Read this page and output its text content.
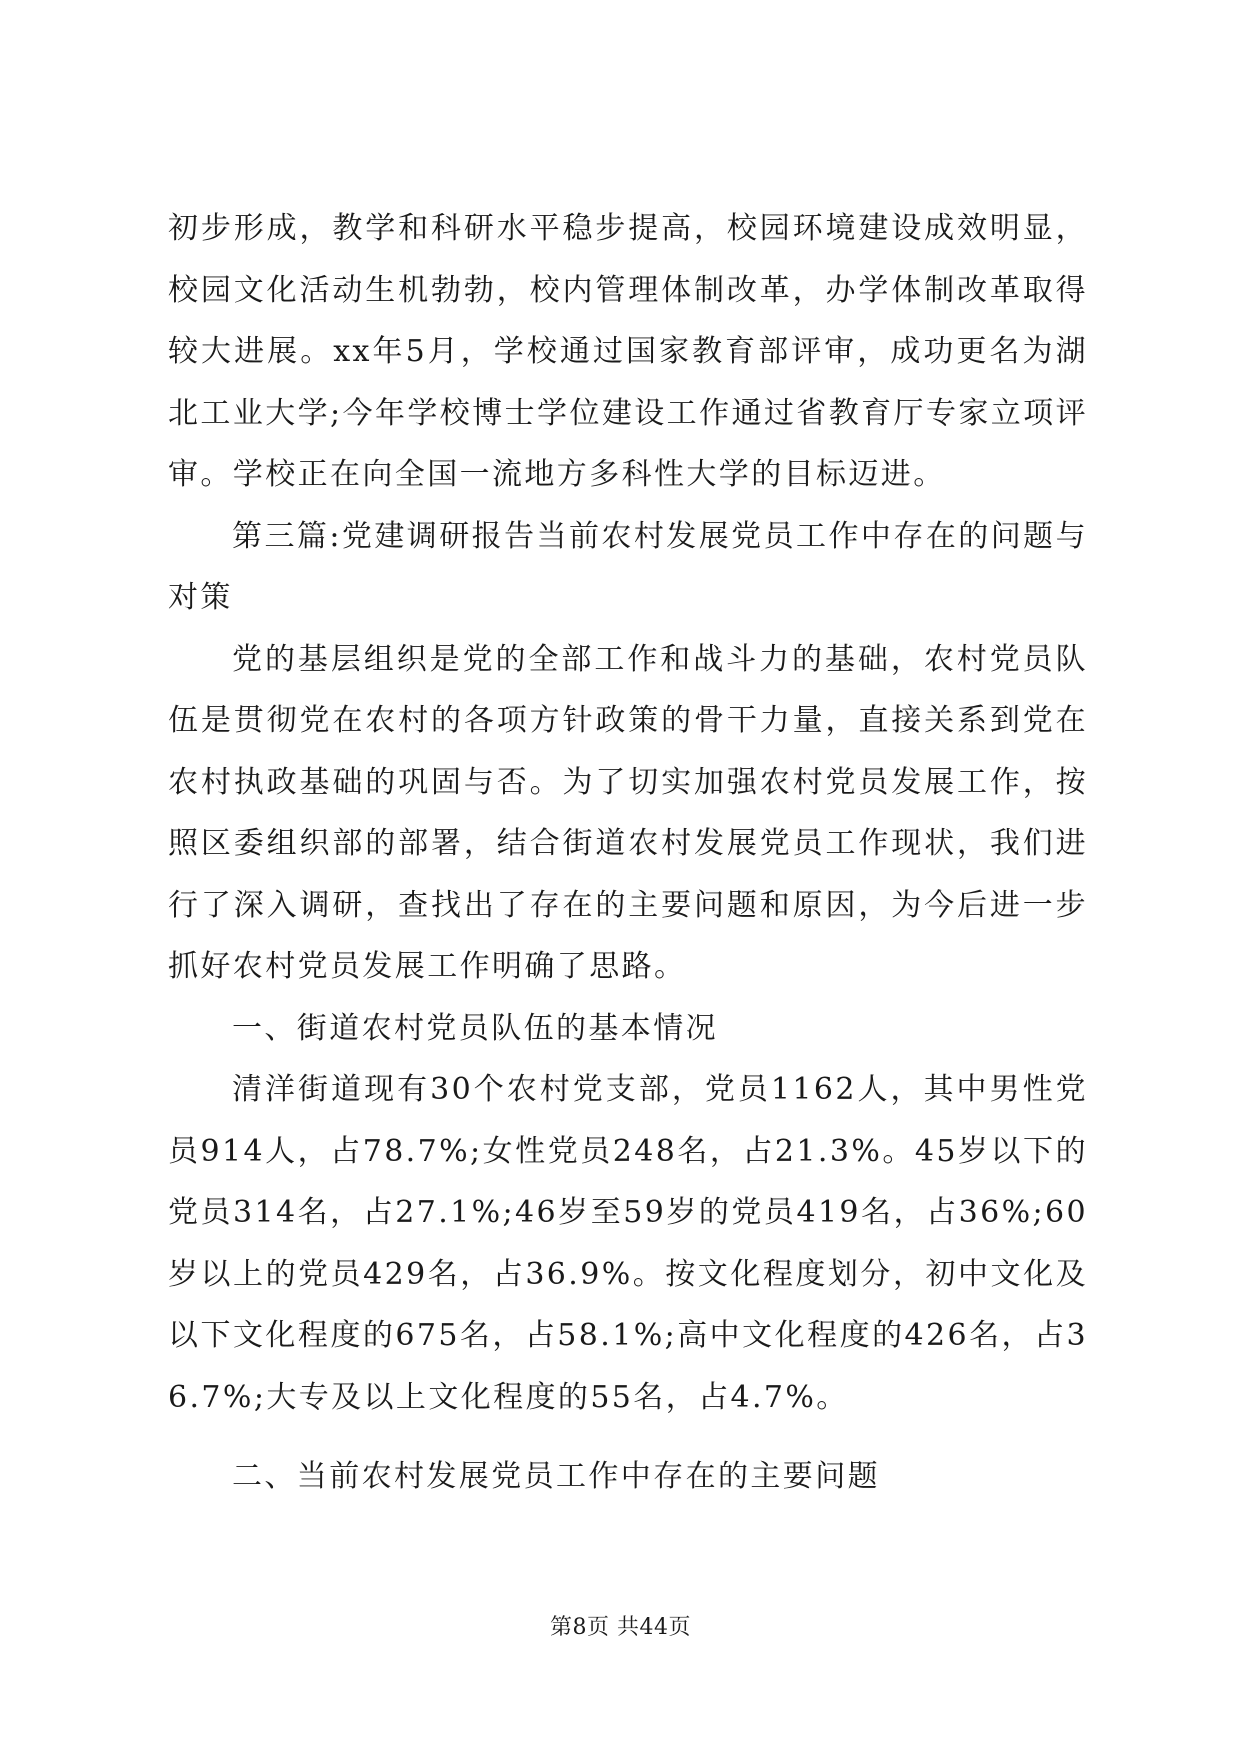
初步形成，教学和科研水平稳步提高，校园环境建设成效明显，校园文化活动生机勃勃，校内管理体制改革，办学体制改革取得较大进展。xx年5月，学校通过国家教育部评审，成功更名为湖北工业大学;今年学校博士学位建设工作通过省教育厅专家立项评审。学校正在向全国一流地方多科性大学的目标迈进。

第三篇:党建调研报告当前农村发展党员工作中存在的问题与对策

党的基层组织是党的全部工作和战斗力的基础，农村党员队伍是贯彻党在农村的各项方针政策的骨干力量，直接关系到党在农村执政基础的巩固与否。为了切实加强农村党员发展工作，按照区委组织部的部署，结合街道农村发展党员工作现状，我们进行了深入调研，查找出了存在的主要问题和原因，为今后进一步抓好农村党员发展工作明确了思路。

一、街道农村党员队伍的基本情况

清洋街道现有30个农村党支部，党员1162人，其中男性党员914人，占78.7%;女性党员248名，占21.3%。45岁以下的党员314名，占27.1%;46岁至59岁的党员419名，占36%;60岁以上的党员429名，占36.9%。按文化程度划分，初中文化及以下文化程度的675名，占58.1%;高中文化程度的426名，占36.7%;大专及以上文化程度的55名，占4.7%。

二、当前农村发展党员工作中存在的主要问题

第8页 共44页
